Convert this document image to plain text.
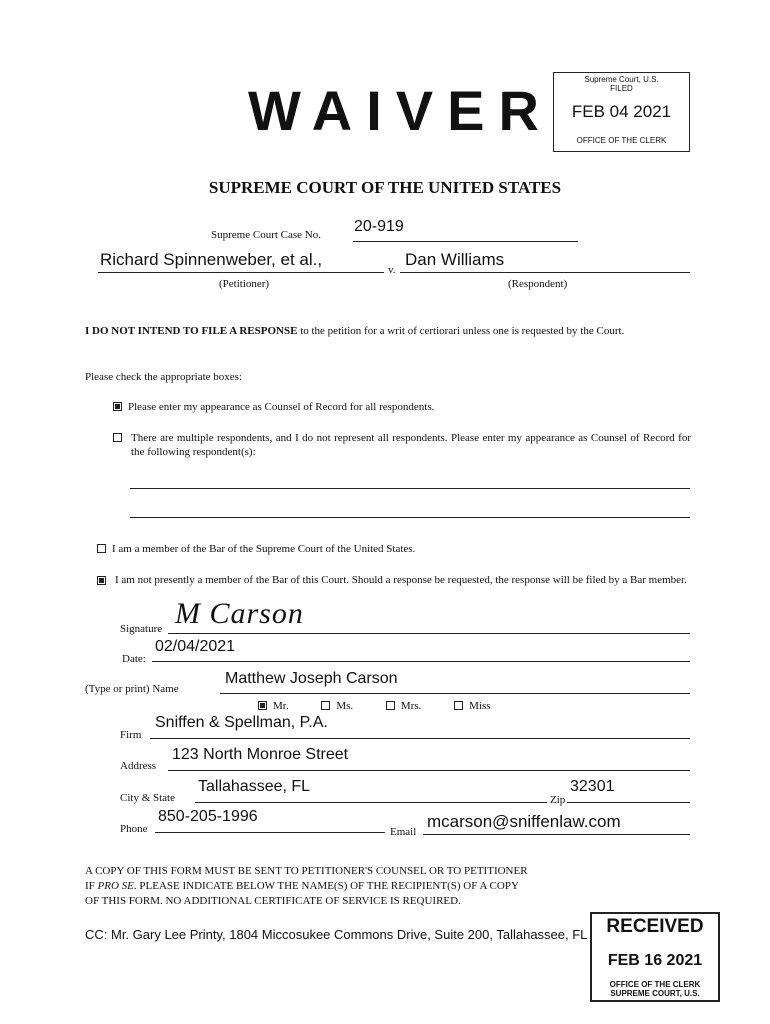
WAIVER	Supreme Court, U.S.
FILED
FEB 04 2021
OFFICE OF THE CLERK
SUPREME COURT OF THE UNITED STATES
Supreme Court Case No. 20-919
Richard Spinnenweber, et al.,
v.
Dan Williams
(Petitioner)	(Respondent)
I DO NOT INTEND TO FILE A RESPONSE to the petition for a writ of certiorari unless one is requested by the Court.
Please check the appropriate boxes:
Please enter my appearance as Counsel of Record for all respondents.
There are multiple respondents, and I do not represent all respondents. Please enter my appearance as Counsel of Record for the following respondent(s):
I am a member of the Bar of the Supreme Court of the United States.
I am not presently a member of the Bar of this Court. Should a response be requested, the response will be filed by a Bar member.
Signature M Carson
Date:
02/04/2021
(Type or print) Name
Matthew Joseph Carson
Mr.	Ms.	Mrs.	Miss
Firm
Sniffen & Spellman, P.A.
Address
123 North Monroe Street
City & State
Tallahassee, FL
Zip
32301
Phone
850-205-1996
Email
mcarson@sniffenlaw.com
A COPY OF THIS FORM MUST BE SENT TO PETITIONER'S COUNSEL OR TO PETITIONER
IF PRO SE. PLEASE INDICATE BELOW THE NAME(S) OF THE RECIPIENT(S) OF A COPY
OF THIS FORM. NO ADDITIONAL CERTIFICATE OF SERVICE IS REQUIRED.
CC: Mr. Gary Lee Printy, 1804 Miccosukee Commons Drive, Suite 200, Tallahassee, FL	RECEIVED
FEB 16 2021
OFFICE OF THE CLERK
SUPREME COURT, U.S.
